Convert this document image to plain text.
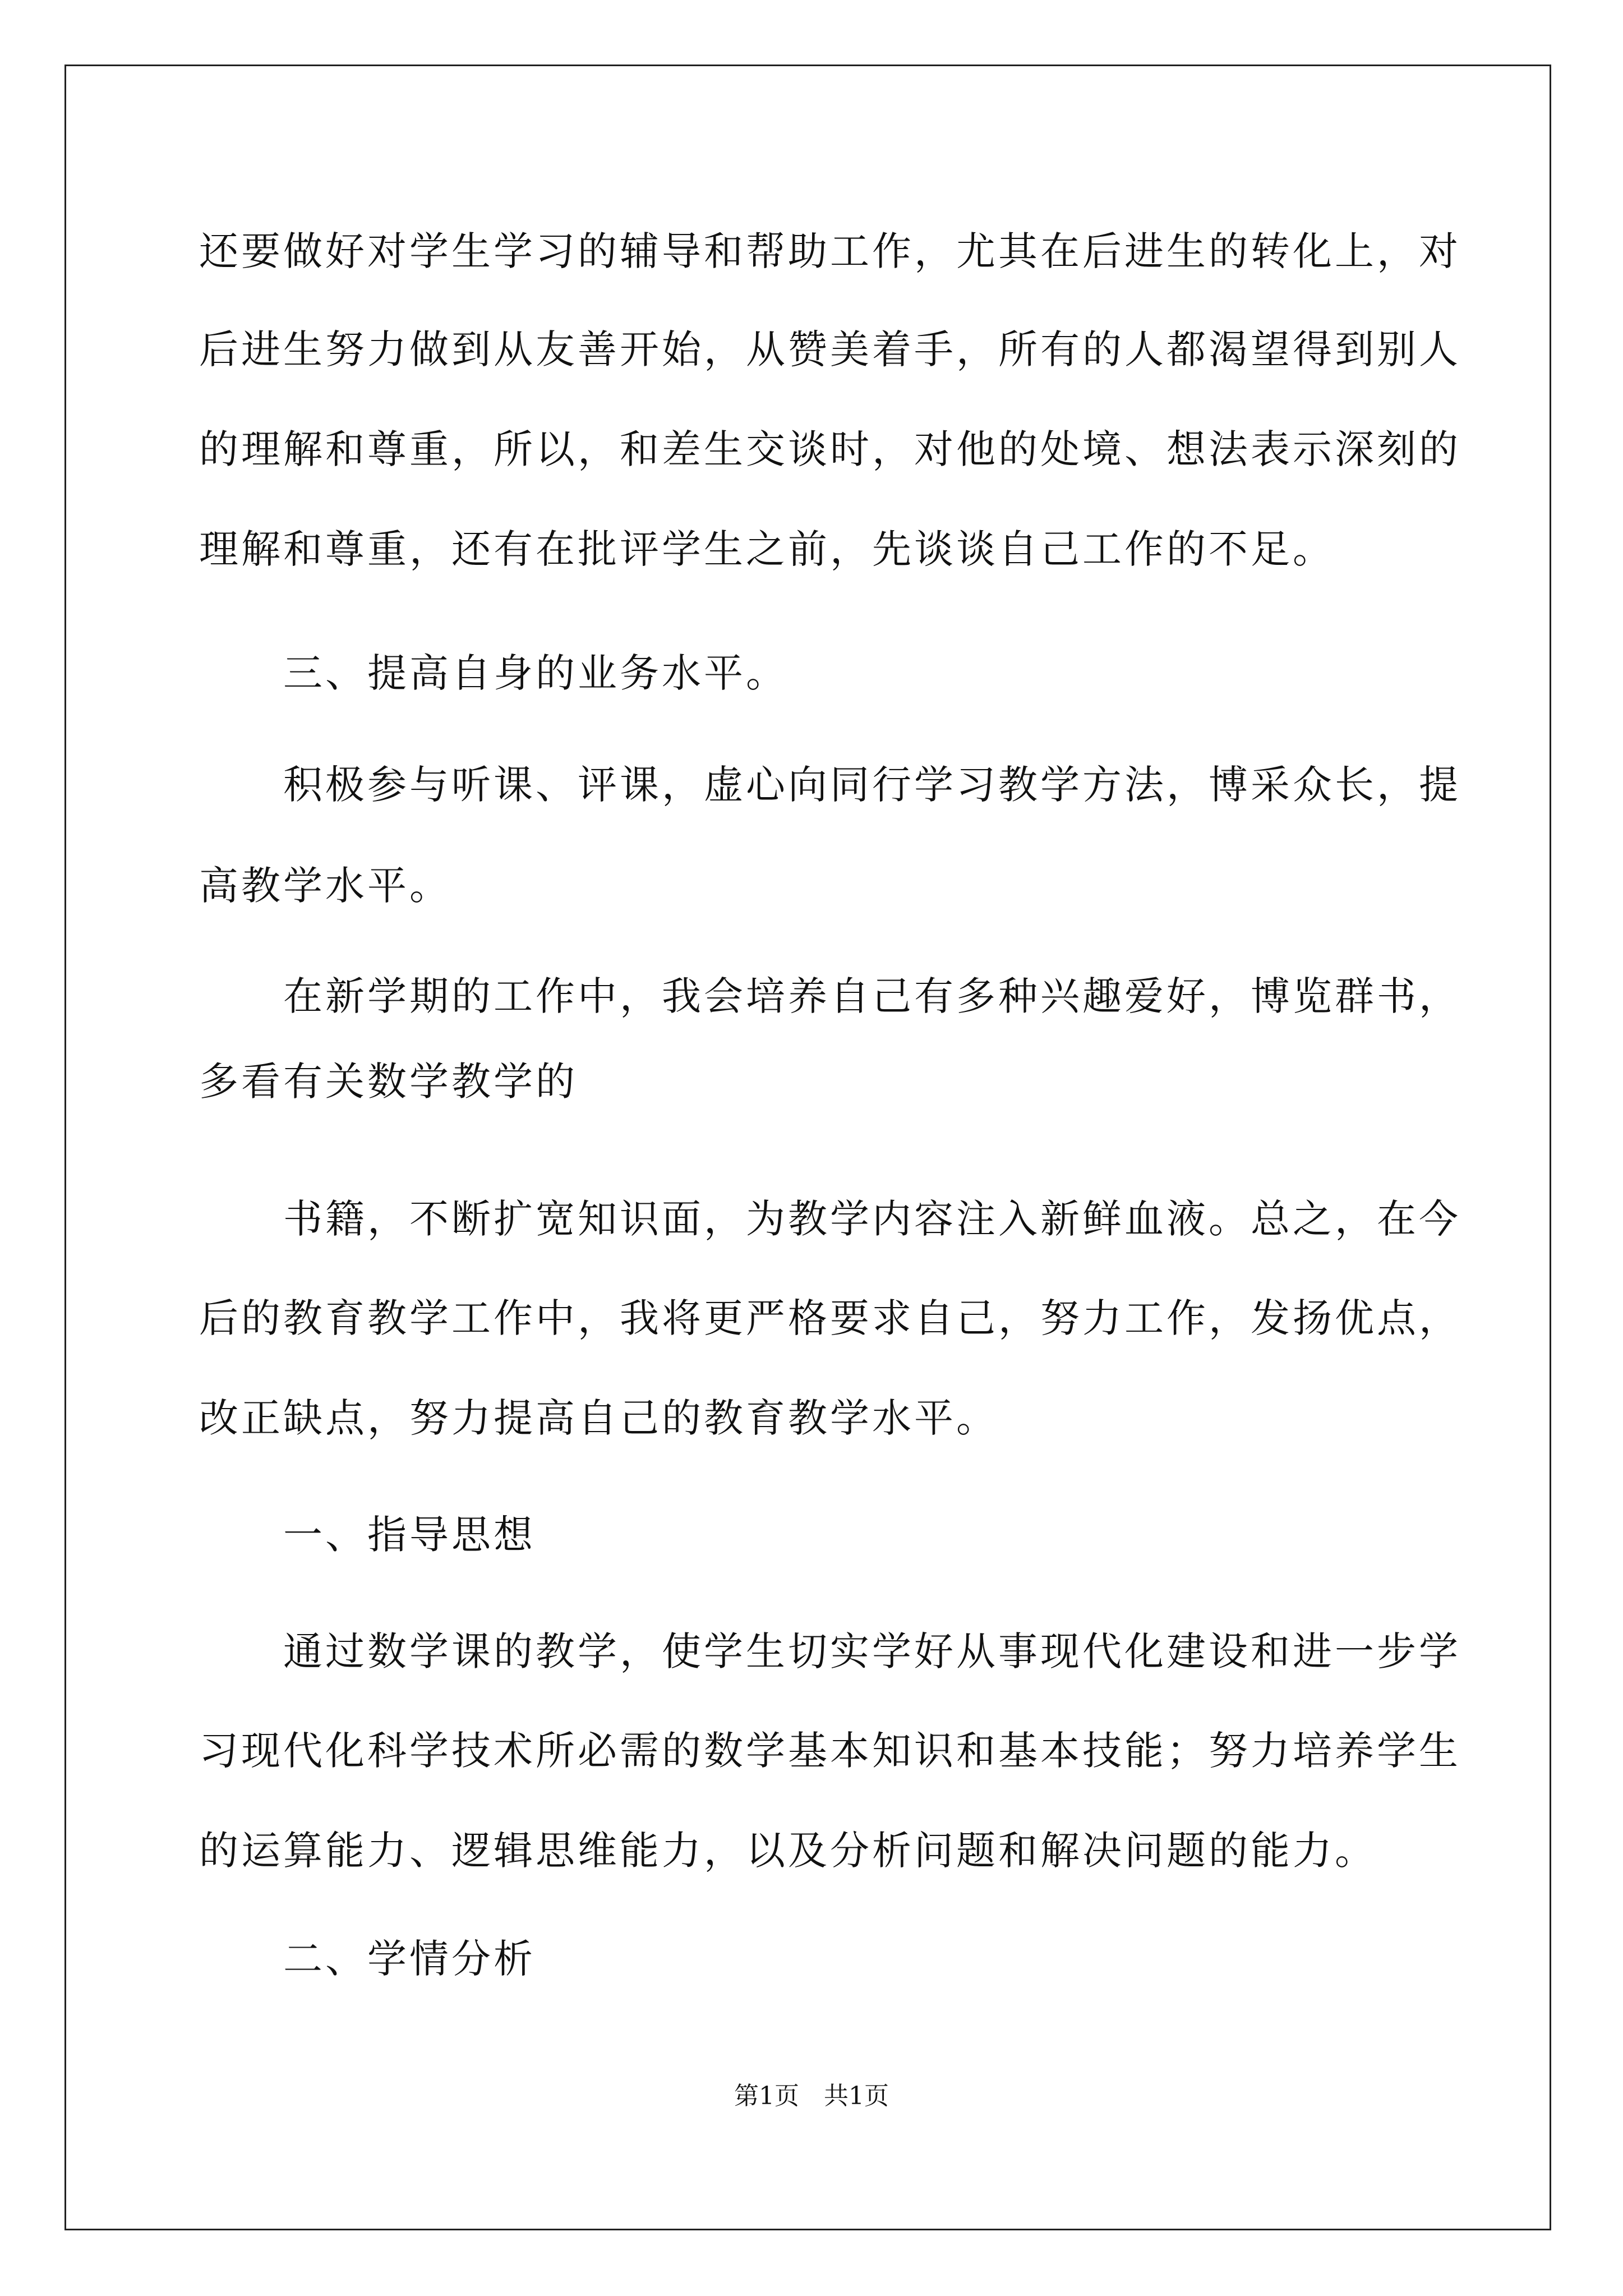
还要做好对学生学习的辅导和帮助工作，尤其在后进生的转化上，对
后进生努力做到从友善开始，从赞美着手，所有的人都渴望得到别人
的理解和尊重，所以，和差生交谈时，对他的处境、想法表示深刻的
理解和尊重，还有在批评学生之前，先谈谈自己工作的不足。
　　三、提高自身的业务水平。
　　积极参与听课、评课，虚心向同行学习教学方法，博采众长，提
高教学水平。
　　在新学期的工作中，我会培养自己有多种兴趣爱好，博览群书，
多看有关数学教学的
　　书籍，不断扩宽知识面，为教学内容注入新鲜血液。总之，在今
后的教育教学工作中，我将更严格要求自己，努力工作，发扬优点，
改正缺点，努力提高自己的教育教学水平。
　　一、指导思想
　　通过数学课的教学，使学生切实学好从事现代化建设和进一步学
习现代化科学技术所必需的数学基本知识和基本技能；努力培养学生
的运算能力、逻辑思维能力，以及分析问题和解决问题的能力。
　　二、学情分析
第1页　共1页
